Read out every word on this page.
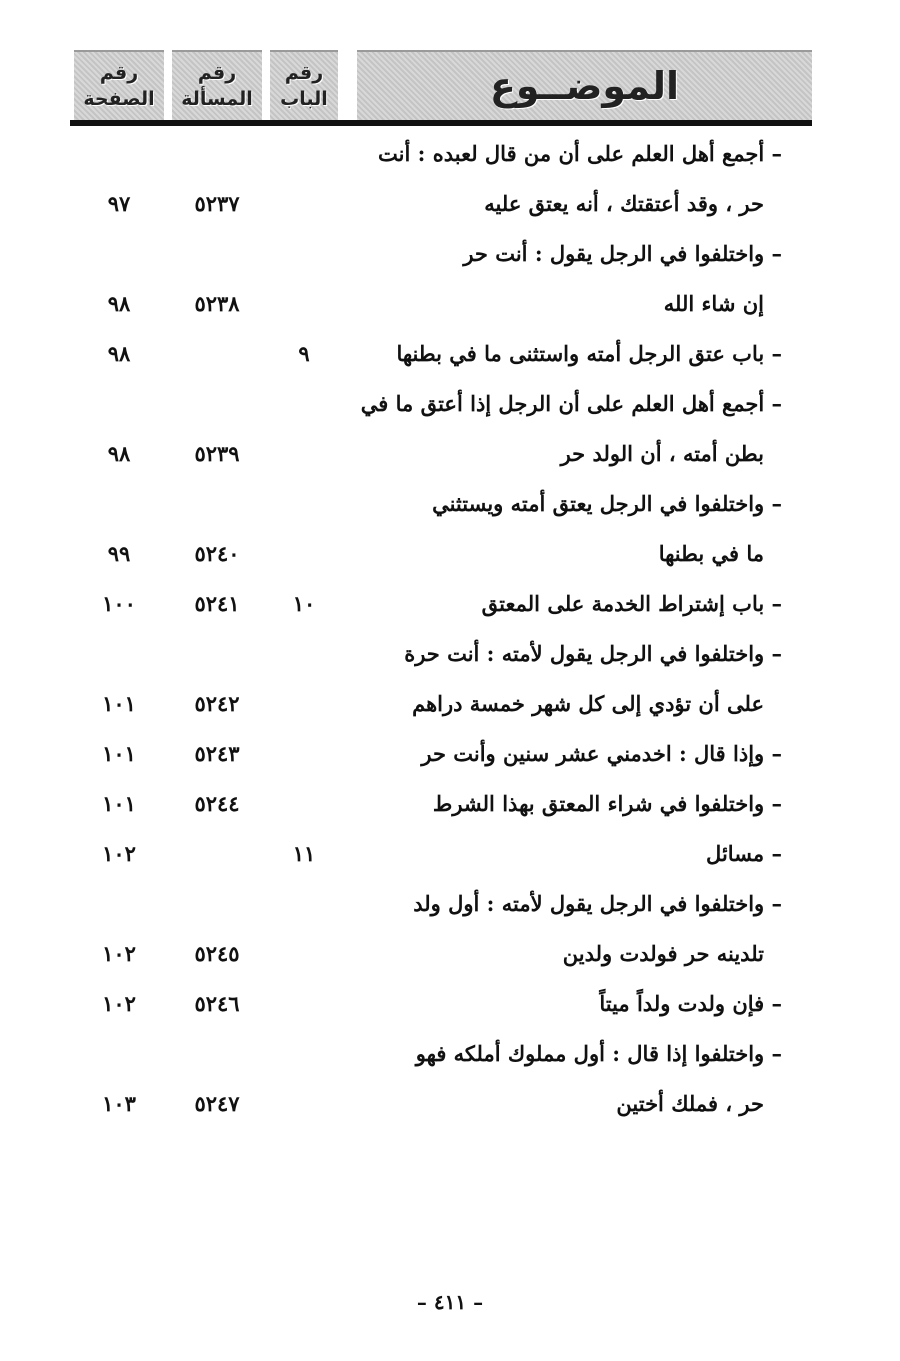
الموضــوع
رقم
الباب
رقم
المسألة
رقم
الصفحة
– أجمع أهل العلم على أن من قال لعبده : أنت
حر ، وقد أعتقتك ، أنه يعتق عليه
٥٢٣٧
٩٧
– واختلفوا في الرجل يقول : أنت حر
إن شاء الله
٥٢٣٨
٩٨
– باب عتق الرجل أمته واستثنى ما في بطنها
٩
٩٨
– أجمع أهل العلم على أن الرجل إذا أعتق ما في
بطن أمته ، أن الولد حر
٥٢٣٩
٩٨
– واختلفوا في الرجل يعتق أمته ويستثني
ما في بطنها
٥٢٤٠
٩٩
– باب إشتراط الخدمة على المعتق
١٠
٥٢٤١
١٠٠
– واختلفوا في الرجل يقول لأمته : أنت حرة
على أن تؤدي إلى كل شهر خمسة دراهم
٥٢٤٢
١٠١
– وإذا قال : اخدمني عشر سنين وأنت حر
٥٢٤٣
١٠١
– واختلفوا في شراء المعتق بهذا الشرط
٥٢٤٤
١٠١
– مسائل
١١
١٠٢
– واختلفوا في الرجل يقول لأمته : أول ولد
تلدينه حر فولدت ولدين
٥٢٤٥
١٠٢
– فإن ولدت ولداً ميتاً
٥٢٤٦
١٠٢
– واختلفوا إذا قال : أول مملوك أملكه فهو
حر ، فملك أختين
٥٢٤٧
١٠٣
– ٤١١ –
